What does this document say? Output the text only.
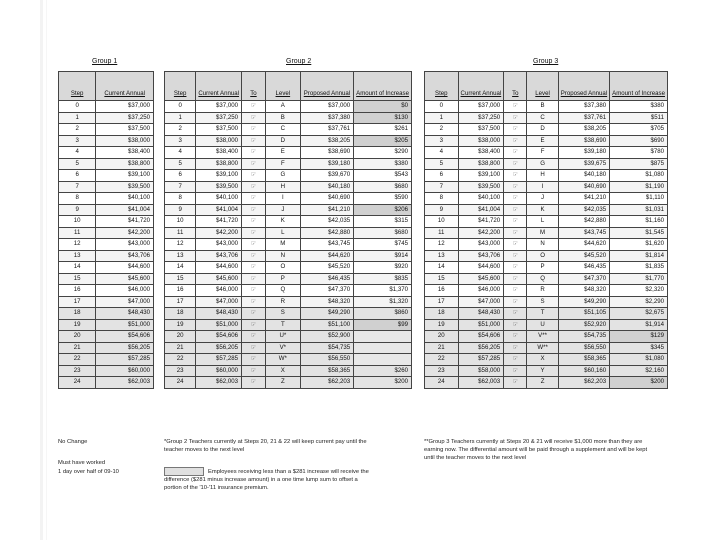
Group 1	Group 2	Group 3
Step	Current Annual
0	$37,000
1	$37,250
2	$37,500
3	$38,000
4	$38,400
5	$38,800
6	$39,100
7	$39,500
8	$40,100
9	$41,004
10	$41,720
11	$42,200
12	$43,000
13	$43,706
14	$44,600
15	$45,600
16	$46,000
17	$47,000
18	$48,430
19	$51,000
20	$54,606
21	$56,205
22	$57,285
23	$60,000
24	$62,003
Step	Current Annual	To	Level	Proposed Annual	Amount of Increase
0	$37,000	☞	A	$37,000	$0
1	$37,250	☞	B	$37,380	$130
2	$37,500	☞	C	$37,761	$261
3	$38,000	☞	D	$38,205	$205
4	$38,400	☞	E	$38,690	$290
5	$38,800	☞	F	$39,180	$380
6	$39,100	☞	G	$39,670	$543
7	$39,500	☞	H	$40,180	$680
8	$40,100	☞	I	$40,690	$590
9	$41,004	☞	J	$41,210	$206
10	$41,720	☞	K	$42,035	$315
11	$42,200	☞	L	$42,880	$680
12	$43,000	☞	M	$43,745	$745
13	$43,706	☞	N	$44,620	$914
14	$44,600	☞	O	$45,520	$920
15	$45,600	☞	P	$46,435	$835
16	$46,000	☞	Q	$47,370	$1,370
17	$47,000	☞	R	$48,320	$1,320
18	$48,430	☞	S	$49,290	$860
19	$51,000	☞	T	$51,100	$99
20	$54,606	☞	U*	$52,900	
21	$56,205	☞	V*	$54,735	
22	$57,285	☞	W*	$56,550	
23	$60,000	☞	X	$58,365	$260
24	$62,003	☞	Z	$62,203	$200
Step	Current Annual	To	Level	Proposed Annual	Amount of Increase
0	$37,000	☞	B	$37,380	$380
1	$37,250	☞	C	$37,761	$511
2	$37,500	☞	D	$38,205	$705
3	$38,000	☞	E	$38,690	$690
4	$38,400	☞	F	$39,180	$780
5	$38,800	☞	G	$39,675	$875
6	$39,100	☞	H	$40,180	$1,080
7	$39,500	☞	I	$40,690	$1,190
8	$40,100	☞	J	$41,210	$1,110
9	$41,004	☞	K	$42,035	$1,031
10	$41,720	☞	L	$42,880	$1,160
11	$42,200	☞	M	$43,745	$1,545
12	$43,000	☞	N	$44,620	$1,620
13	$43,706	☞	O	$45,520	$1,814
14	$44,600	☞	P	$46,435	$1,835
15	$45,600	☞	Q	$47,370	$1,770
16	$46,000	☞	R	$48,320	$2,320
17	$47,000	☞	S	$49,290	$2,290
18	$48,430	☞	T	$51,105	$2,675
19	$51,000	☞	U	$52,920	$1,914
20	$54,606	☞	V**	$54,735	$129
21	$56,205	☞	W**	$56,550	$345
22	$57,285	☞	X	$58,365	$1,080
23	$58,000	☞	Y	$60,160	$2,160
24	$62,003	☞	Z	$62,203	$200
No Change
Must have worked
1 day over half of 09-10
*Group 2 Teachers currently at Steps 20, 21 & 22 will keep current pay until the teacher moves to the next level
Employees receiving less than a $281 increase will receive the difference ($281 minus increase amount) in a one time lump sum to offset a portion of the '10-'11 insurance premium.
**Group 3 Teachers currently at Steps 20 & 21 will receive $1,000 more than they are earning now. The differential amount will be paid through a supplement and will be kept until the teacher moves to the next level
